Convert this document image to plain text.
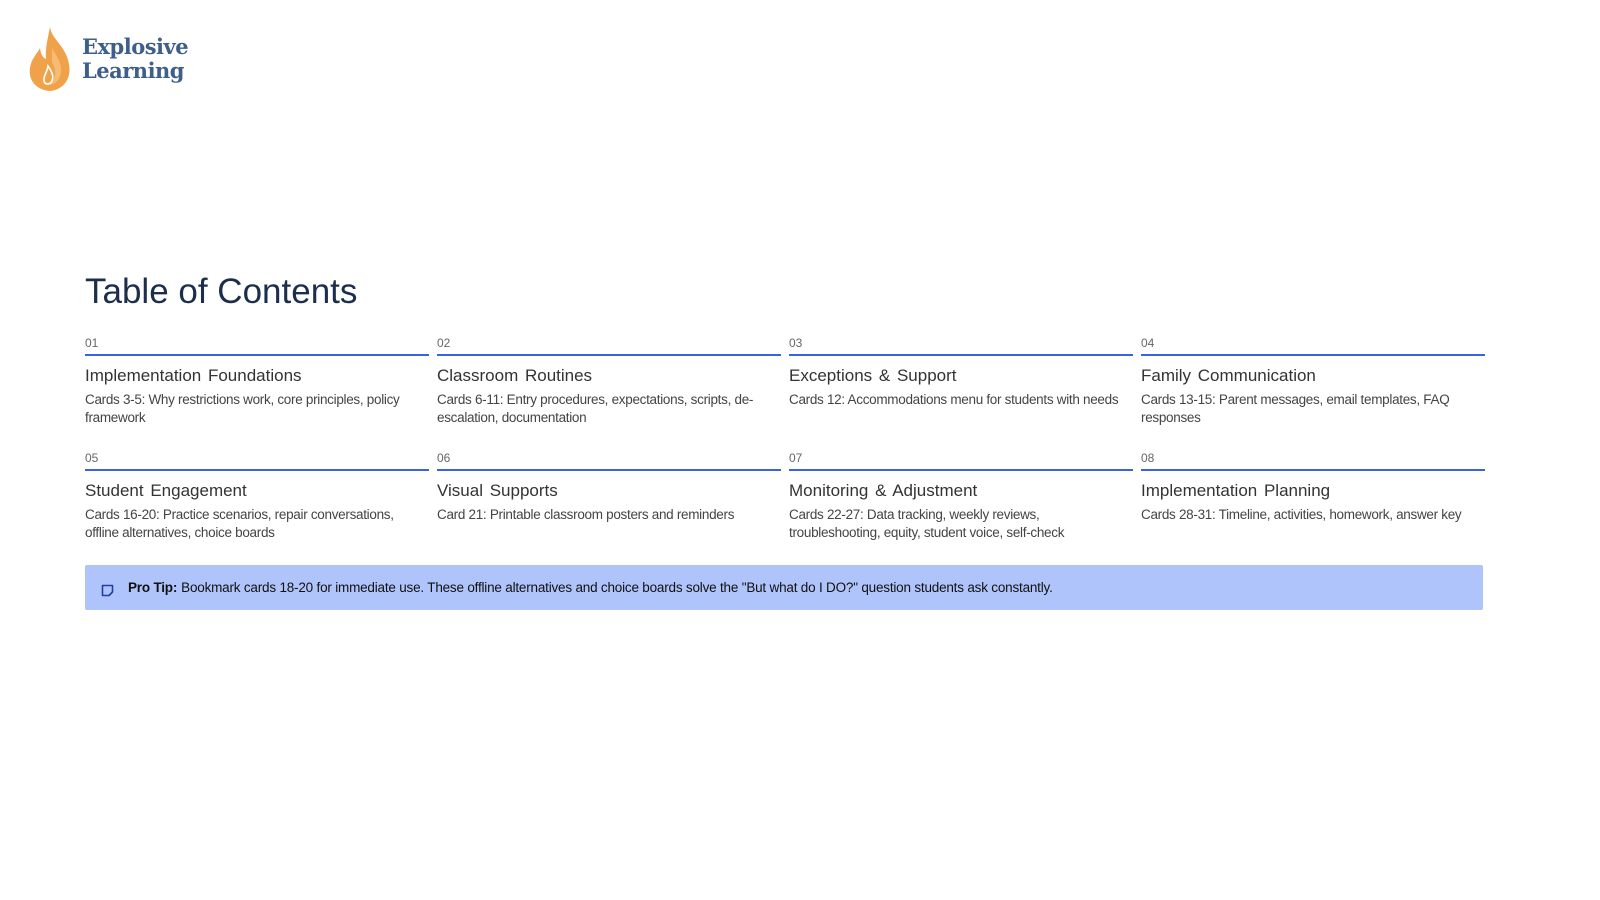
Explosive
Learning
Table of Contents
01
Implementation Foundations
Cards 3-5: Why restrictions work, core principles, policy framework
02
Classroom Routines
Cards 6-11: Entry procedures, expectations, scripts, de-escalation, documentation
03
Exceptions & Support
Cards 12: Accommodations menu for students with needs
04
Family Communication
Cards 13-15: Parent messages, email templates, FAQ responses
05
Student Engagement
Cards 16-20: Practice scenarios, repair conversations, offline alternatives, choice boards
06
Visual Supports
Card 21: Printable classroom posters and reminders
07
Monitoring & Adjustment
Cards 22-27: Data tracking, weekly reviews, troubleshooting, equity, student voice, self-check
08
Implementation Planning
Cards 28-31: Timeline, activities, homework, answer key
Pro Tip: Bookmark cards 18-20 for immediate use. These offline alternatives and choice boards solve the "But what do I DO?" question students ask constantly.
